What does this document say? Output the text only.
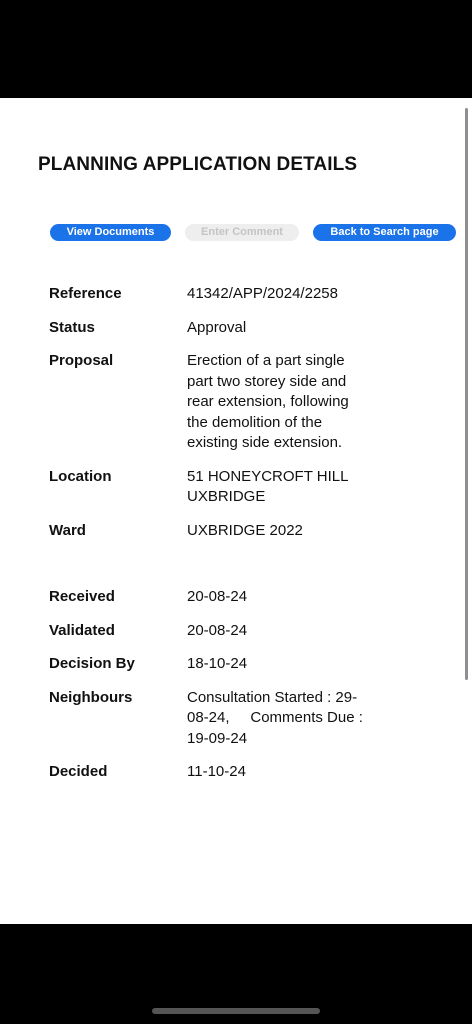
PLANNING APPLICATION DETAILS
View Documents	Enter Comment	Back to Search page
Reference	41342/APP/2024/2258
Status	Approval
Proposal	Erection of a part single part two storey side and rear extension, following the demolition of the existing side extension.
Location	51 HONEYCROFT HILL UXBRIDGE
Ward	UXBRIDGE 2022
Received	20-08-24
Validated	20-08-24
Decision By	18-10-24
Neighbours	Consultation Started : 29-08-24,     Comments Due : 19-09-24
Decided	11-10-24
